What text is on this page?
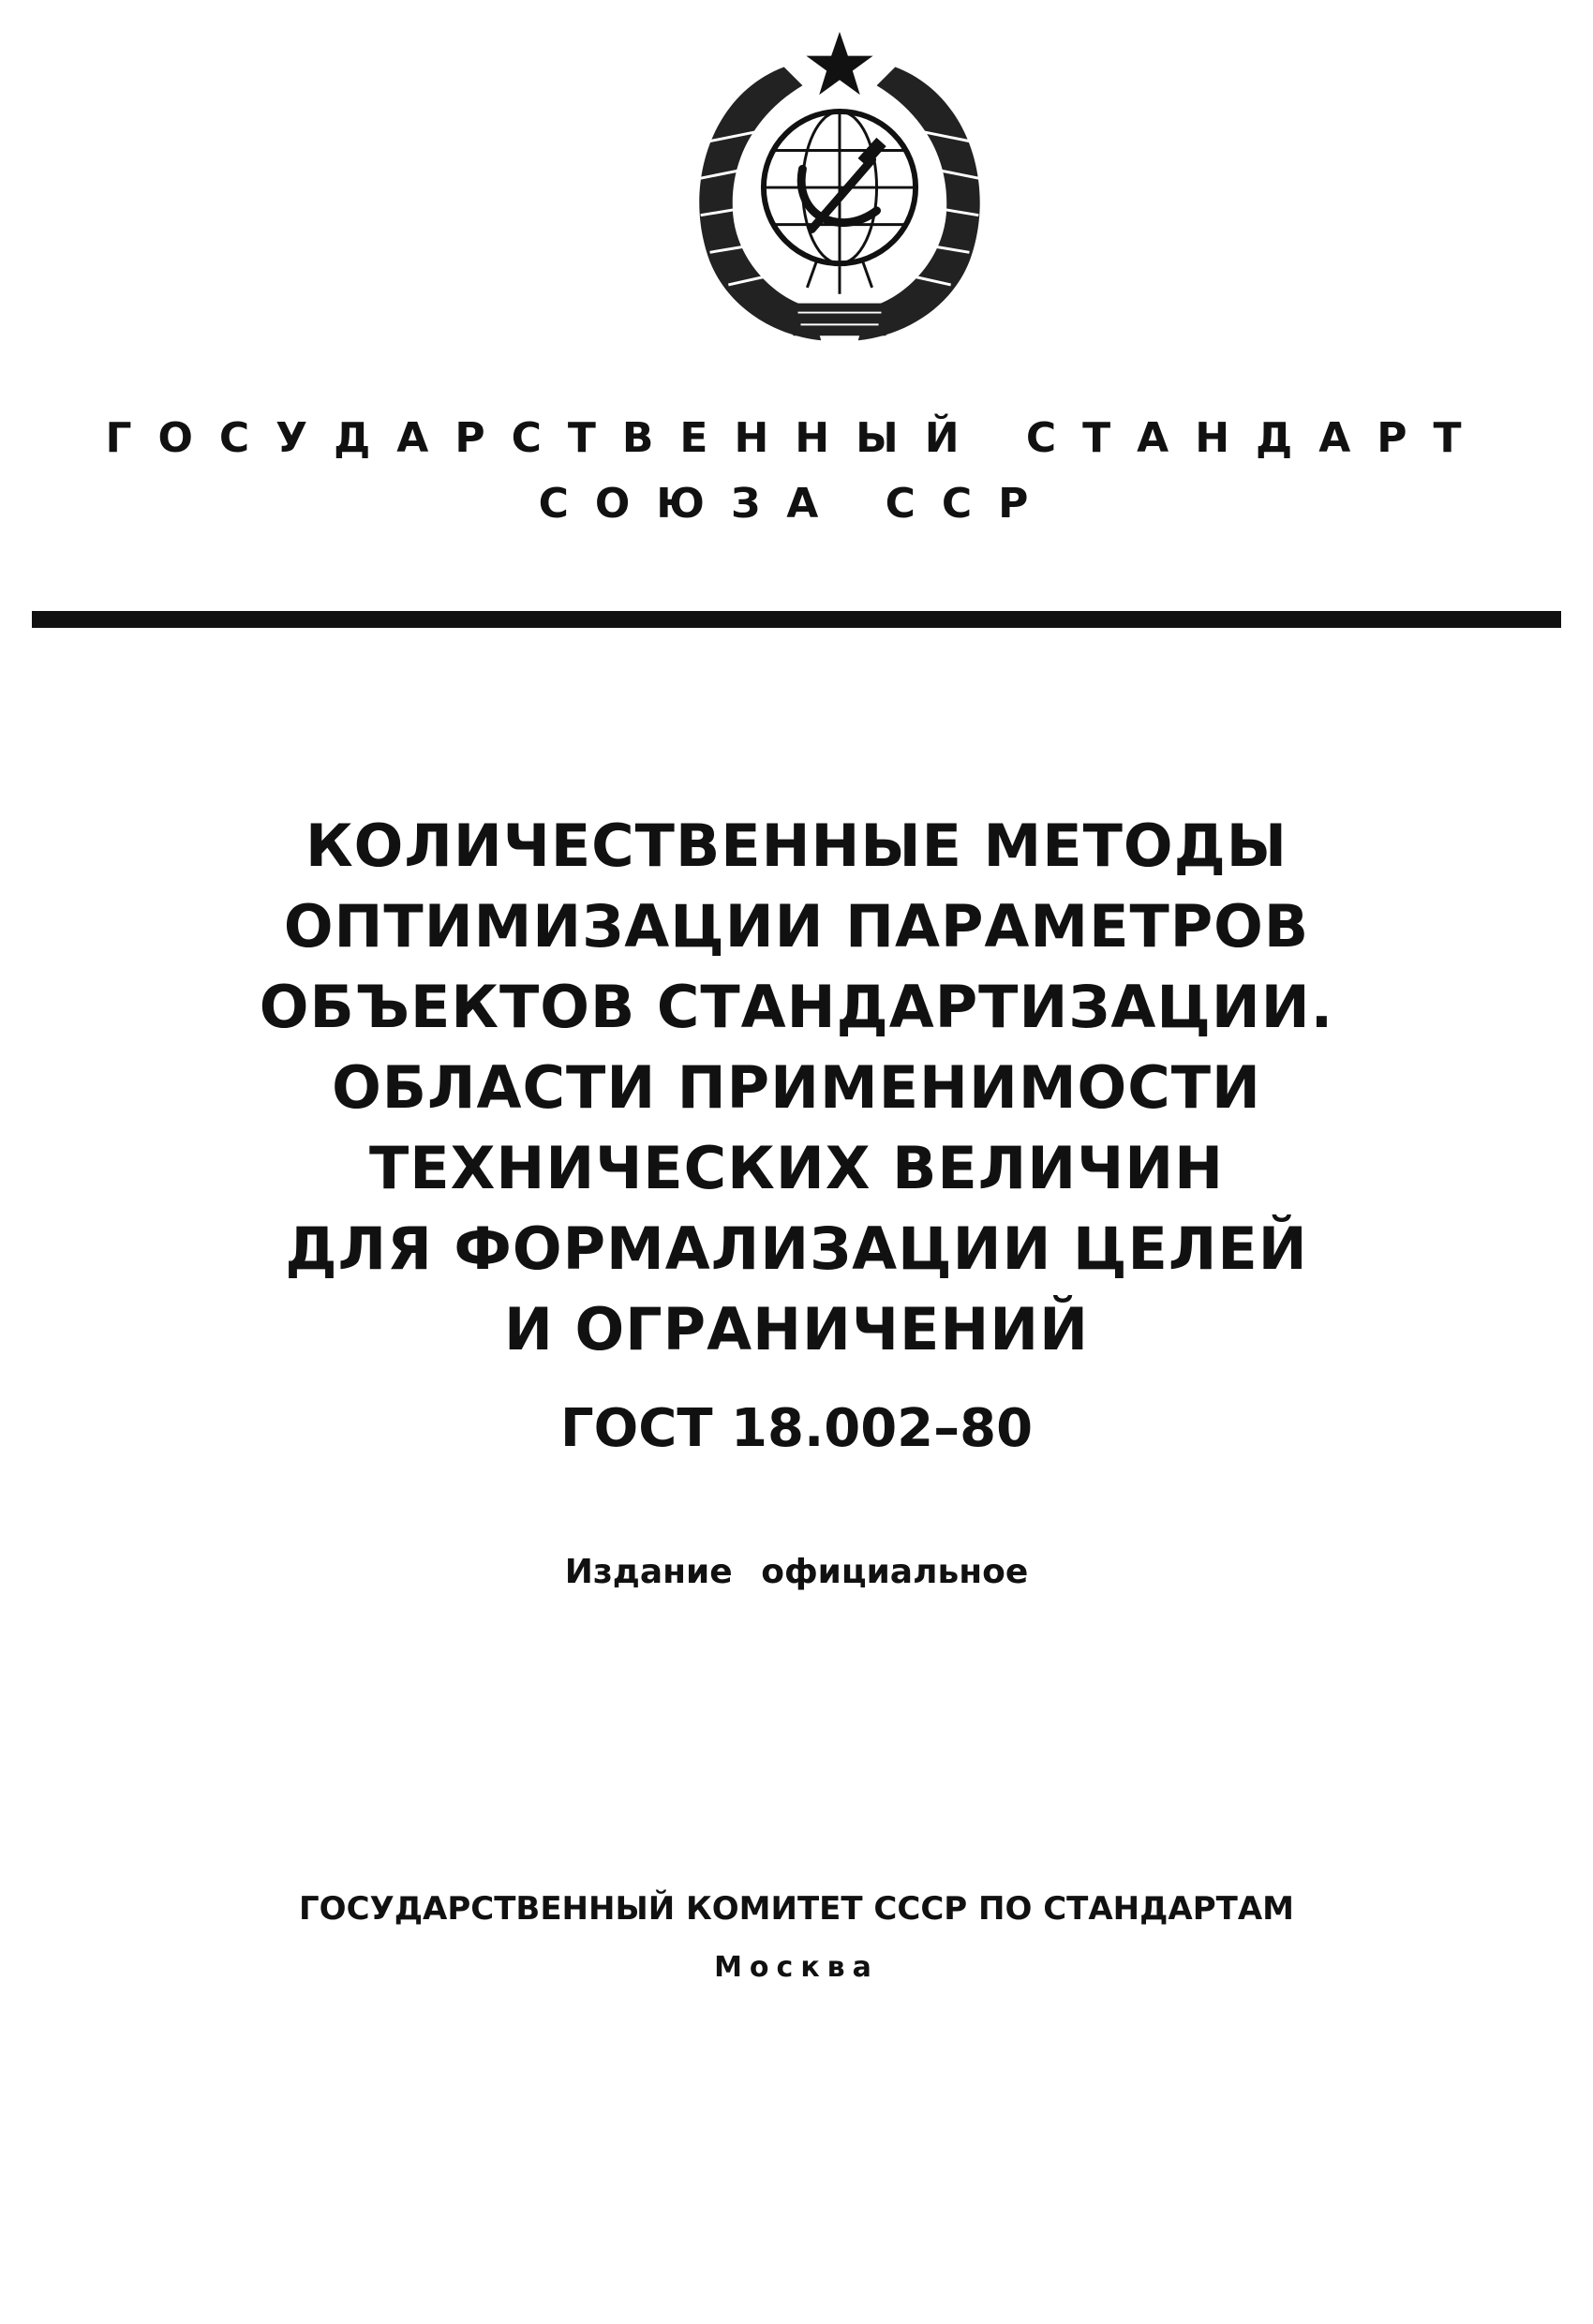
ГОСУДАРСТВЕННЫЙ СТАНДАРТ
СОЮЗА ССР
КОЛИЧЕСТВЕННЫЕ МЕТОДЫ
ОПТИМИЗАЦИИ ПАРАМЕТРОВ
ОБЪЕКТОВ СТАНДАРТИЗАЦИИ.
ОБЛАСТИ ПРИМЕНИМОСТИ
ТЕХНИЧЕСКИХ ВЕЛИЧИН
ДЛЯ ФОРМАЛИЗАЦИИ ЦЕЛЕЙ
И ОГРАНИЧЕНИЙ
ГОСТ 18.002–80
Издание официальное
ГОСУДАРСТВЕННЫЙ КОМИТЕТ СССР ПО СТАНДАРТАМ
Москва
